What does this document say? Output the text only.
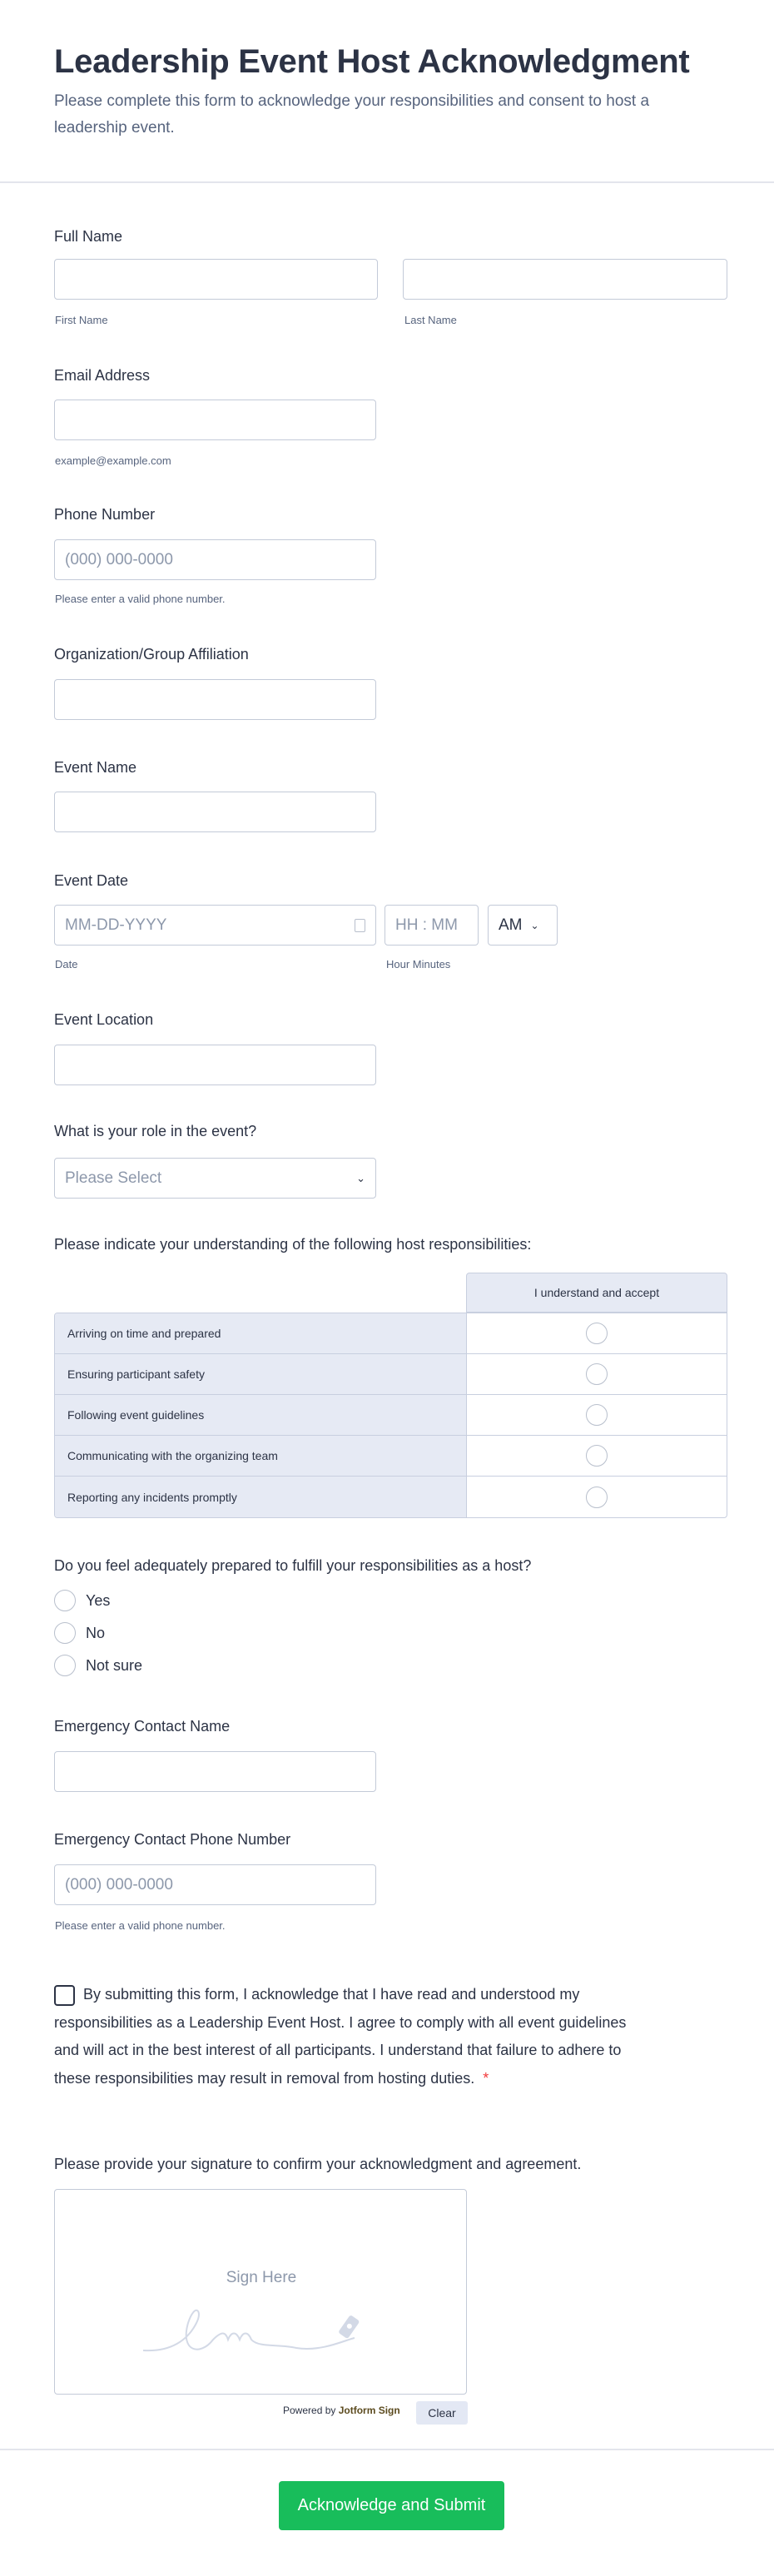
Leadership Event Host Acknowledgment
Please complete this form to acknowledge your responsibilities and consent to host a leadership event.
Full Name
First Name	Last Name
Email Address
example@example.com
Phone Number
(000) 000-0000
Please enter a valid phone number.
Organization/Group Affiliation
Event Name
Event Date
MM-DD-YYYY	HH : MM	AM ⌄
Date	Hour Minutes
Event Location
What is your role in the event?
Please Select	⌄
Please indicate your understanding of the following host responsibilities:
I understand and accept
Arriving on time and prepared
Ensuring participant safety
Following event guidelines
Communicating with the organizing team
Reporting any incidents promptly
Do you feel adequately prepared to fulfill your responsibilities as a host?
Yes
No
Not sure
Emergency Contact Name
Emergency Contact Phone Number
(000) 000-0000
Please enter a valid phone number.
By submitting this form, I acknowledge that I have read and understood my responsibilities as a Leadership Event Host. I agree to comply with all event guidelines and will act in the best interest of all participants. I understand that failure to adhere to these responsibilities may result in removal from hosting duties. *
Please provide your signature to confirm your acknowledgment and agreement.
Sign Here
Powered by Jotform Sign	Clear
Acknowledge and Submit
